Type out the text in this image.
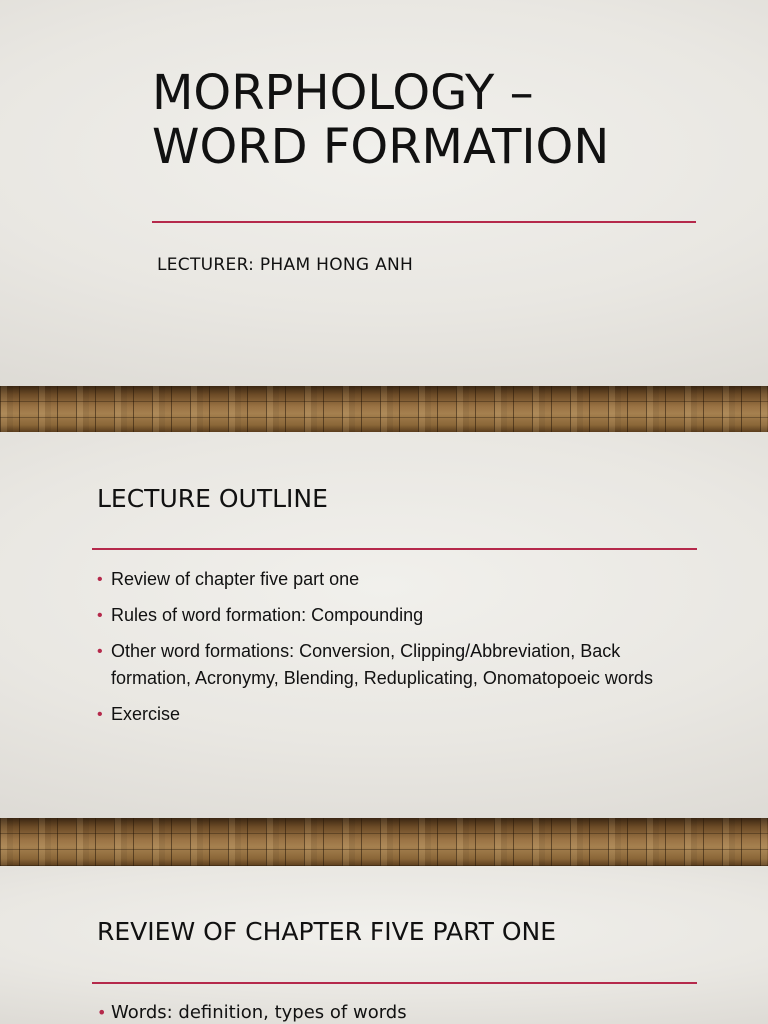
MORPHOLOGY –
WORD FORMATION

LECTURER: PHAM HONG ANH

LECTURE OUTLINE
• Review of chapter five part one
• Rules of word formation: Compounding
• Other word formations: Conversion, Clipping/Abbreviation, Back formation, Acronymy, Blending, Reduplicating, Onomatopoeic words
• Exercise
REVIEW OF CHAPTER FIVE PART ONE
• Words: definition, types of words
